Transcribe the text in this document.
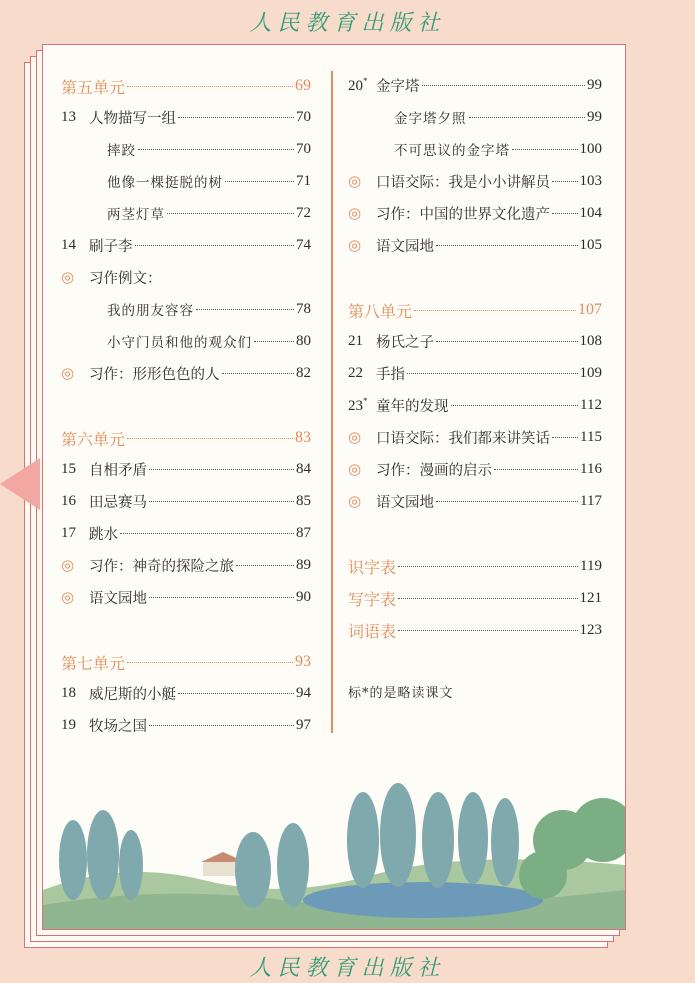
人民教育出版社
第五单元	69
13 人物描写一组	70
摔跤	70
他像一棵挺脱的树	71
两茎灯草	72
14 刷子李	74
◎	习作例文：
我的朋友容容	78
小守门员和他的观众们	80
◎	习作：形形色色的人	82
第六单元	83
15 自相矛盾	84
16 田忌赛马	85
17 跳水	87
◎	习作：神奇的探险之旅	89
◎	语文园地	90
第七单元	93
18 威尼斯的小艇	94
19 牧场之国	97
20* 金字塔	99
金字塔夕照	99
不可思议的金字塔	100
◎	口语交际：我是小小讲解员 103
◎	习作：中国的世界文化遗产 104
◎	语文园地	105
第八单元	107
21 杨氏之子	108
22 手指	109
23* 童年的发现	112
◎	口语交际：我们都来讲笑话 115
◎	习作：漫画的启示	116
◎	语文园地	117
识字表	119
写字表	121
词语表	123
标*的是略读课文
人民教育出版社
